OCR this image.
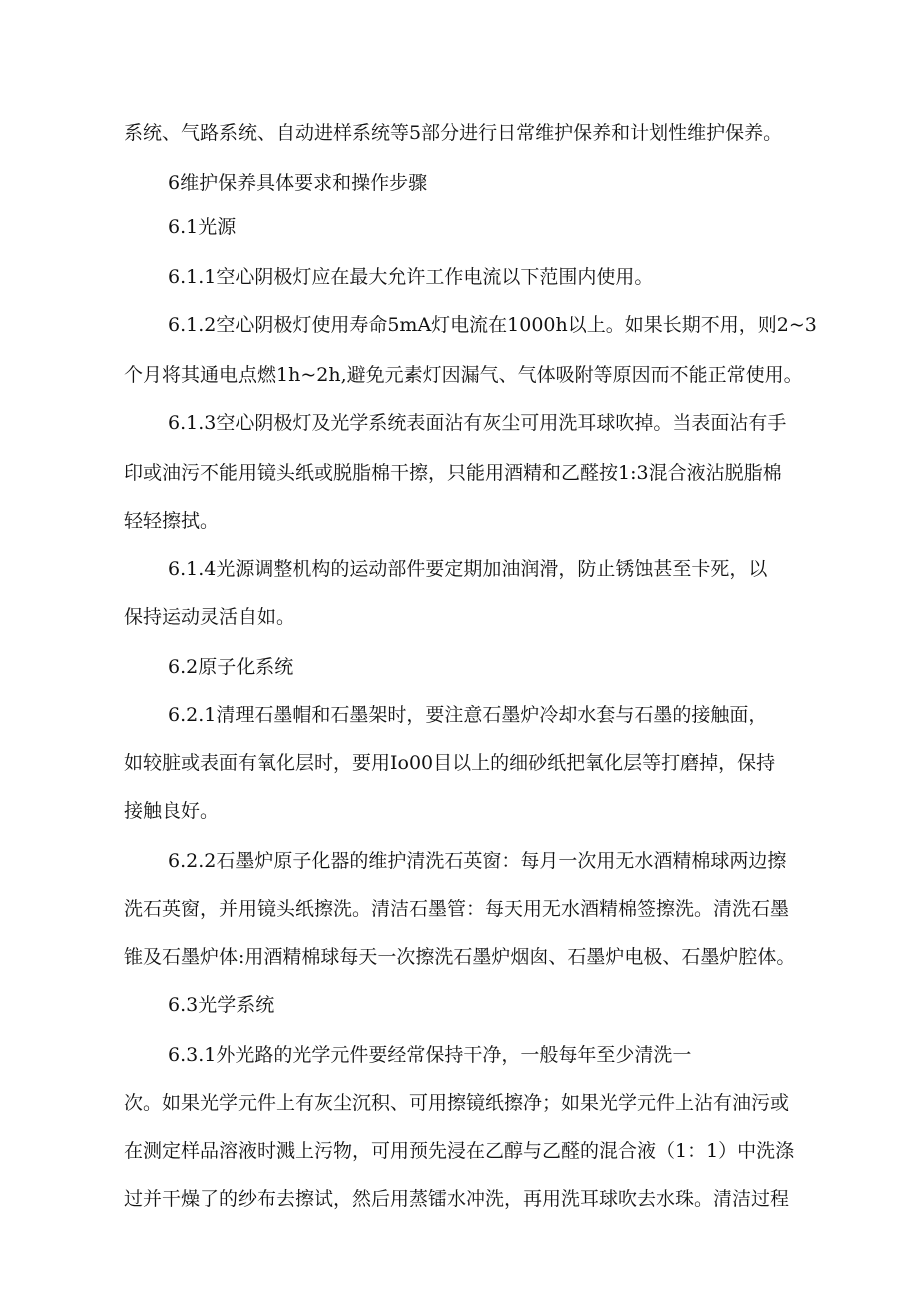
系统、气路系统、自动进样系统等5部分进行日常维护保养和计划性维护保养。

6维护保养具体要求和操作步骤

6.1光源

6.1.1空心阴极灯应在最大允许工作电流以下范围内使用。

6.1.2空心阴极灯使用寿命5mA灯电流在1000h以上。如果长期不用，则2~3

个月将其通电点燃1h~2h,避免元素灯因漏气、气体吸附等原因而不能正常使用。

6.1.3空心阴极灯及光学系统表面沾有灰尘可用洗耳球吹掉。当表面沾有手

印或油污不能用镜头纸或脱脂棉干擦，只能用酒精和乙醛按1:3混合液沾脱脂棉

轻轻擦拭。

6.1.4光源调整机构的运动部件要定期加油润滑，防止锈蚀甚至卡死，以

保持运动灵活自如。

6.2原子化系统

6.2.1清理石墨帽和石墨架时，要注意石墨炉冷却水套与石墨的接触面，

如较脏或表面有氧化层时，要用Io00目以上的细砂纸把氧化层等打磨掉，保持

接触良好。

6.2.2石墨炉原子化器的维护清洗石英窗：每月一次用无水酒精棉球两边擦

洗石英窗，并用镜头纸擦洗。清洁石墨管：每天用无水酒精棉签擦洗。清洗石墨

锥及石墨炉体:用酒精棉球每天一次擦洗石墨炉烟囱、石墨炉电极、石墨炉腔体。

6.3光学系统

6.3.1外光路的光学元件要经常保持干净，一般每年至少清洗一

次。如果光学元件上有灰尘沉积、可用擦镜纸擦净；如果光学元件上沾有油污或

在测定样品溶液时溅上污物，可用预先浸在乙醇与乙醛的混合液（1：1）中洗涤

过并干燥了的纱布去擦试，然后用蒸镭水冲洗，再用洗耳球吹去水珠。清洁过程
